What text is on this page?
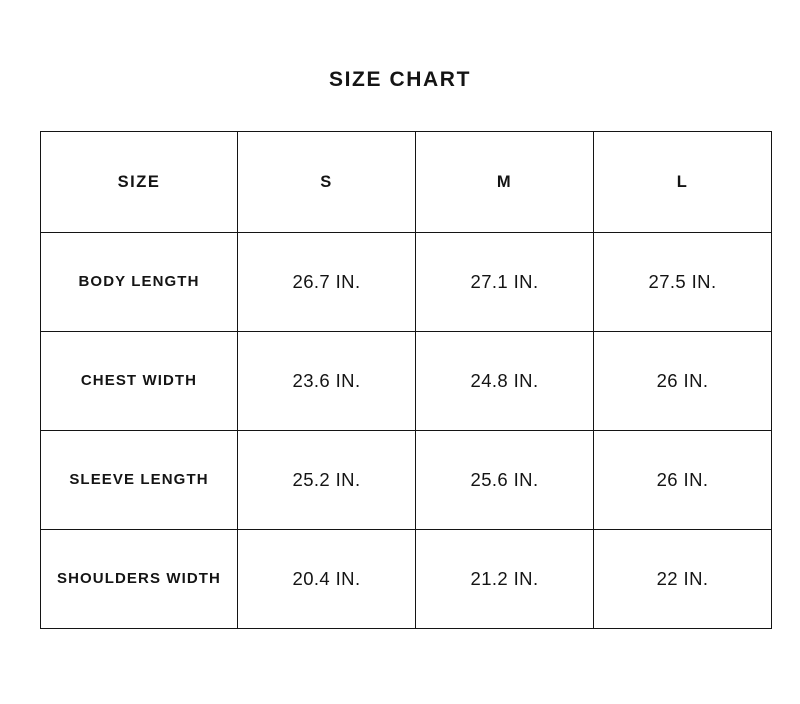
SIZE CHART
SIZE	S	M	L
BODY LENGTH	26.7 IN.	27.1 IN.	27.5 IN.
CHEST WIDTH	23.6 IN.	24.8 IN.	26 IN.
SLEEVE LENGTH	25.2 IN.	25.6 IN.	26 IN.
SHOULDERS WIDTH	20.4 IN.	21.2 IN.	22 IN.
